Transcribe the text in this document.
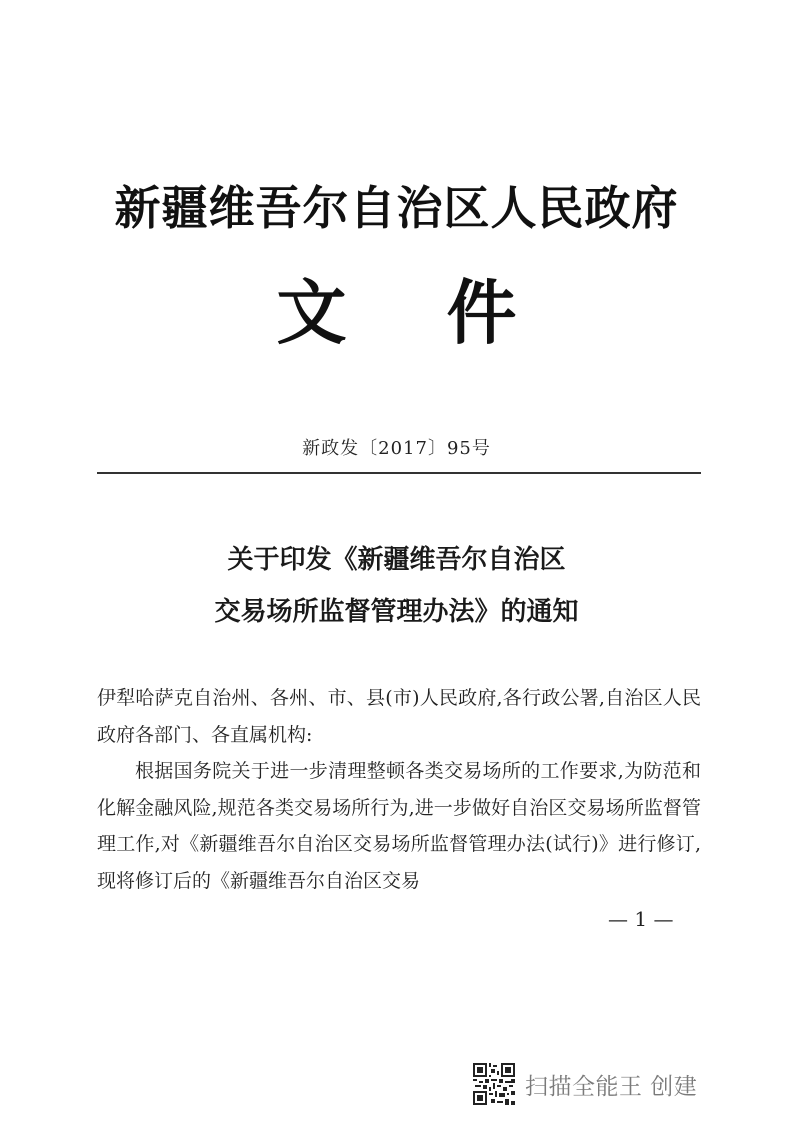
新疆维吾尔自治区人民政府
文件
新政发〔2017〕95号
关于印发《新疆维吾尔自治区
交易场所监督管理办法》的通知

伊犁哈萨克自治州、各州、市、县(市)人民政府,各行政公署,自治区人民政府各部门、各直属机构:

根据国务院关于进一步清理整顿各类交易场所的工作要求,为防范和化解金融风险,规范各类交易场所行为,进一步做好自治区交易场所监督管理工作,对《新疆维吾尔自治区交易场所监督管理办法(试行)》进行修订,现将修订后的《新疆维吾尔自治区交易

— 1 —
扫描全能王 创建
